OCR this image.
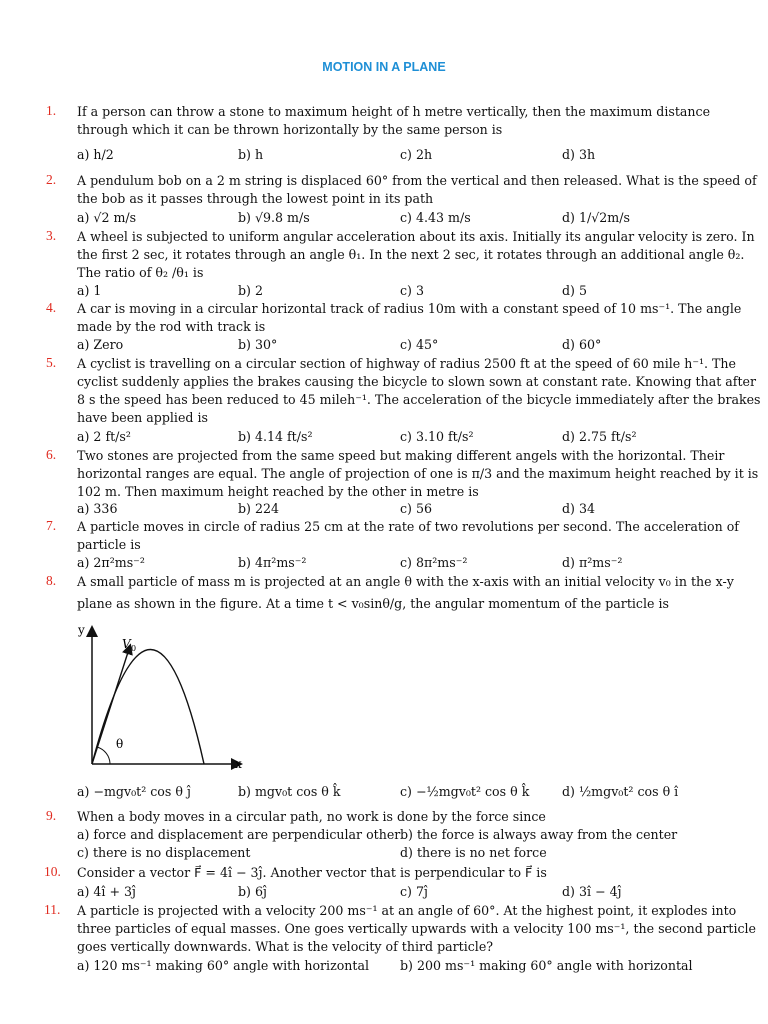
MOTION IN A PLANE
1. If a person can throw a stone to maximum height of h metre vertically, then the maximum distance
through which it can be thrown horizontally by the same person is
a) h/2	b) h	c) 2h	d) 3h
2. A pendulum bob on a 2 m string is displaced 60° from the vertical and then released. What is the speed of
the bob as it passes through the lowest point in its path
a) √2 m/s	b) √9.8 m/s	c) 4.43 m/s	d) 1/√2m/s
3. A wheel is subjected to uniform angular acceleration about its axis. Initially its angular velocity is zero. In
the first 2 sec, it rotates through an angle θ₁. In the next 2 sec, it rotates through an additional angle θ₂.
The ratio of θ₂ /θ₁ is
a) 1	b) 2	c) 3	d) 5
4. A car is moving in a circular horizontal track of radius 10m with a constant speed of 10 ms⁻¹. The angle
made by the rod with track is
a) Zero	b) 30°	c) 45°	d) 60°
5. A cyclist is travelling on a circular section of highway of radius 2500 ft at the speed of 60 mile h⁻¹. The
cyclist suddenly applies the brakes causing the bicycle to slown sown at constant rate. Knowing that after
8 s the speed has been reduced to 45 mileh⁻¹. The acceleration of the bicycle immediately after the brakes
have been applied is
a) 2 ft/s²	b) 4.14 ft/s²	c) 3.10 ft/s²	d) 2.75 ft/s²
6. Two stones are projected from the same speed but making different angels with the horizontal. Their
horizontal ranges are equal. The angle of projection of one is π/3 and the maximum height reached by it is
102 m. Then maximum height reached by the other in metre is
a) 336	b) 224	c) 56	d) 34
7. A particle moves in circle of radius 25 cm at the rate of two revolutions per second. The acceleration of
particle is
a) 2π²ms⁻²	b) 4π²ms⁻²	c) 8π²ms⁻²	d) π²ms⁻²
8. A small particle of mass m is projected at an angle θ with the x-axis with an initial velocity v₀ in the x-y
plane as shown in the figure. At a time t < v₀sinθ/g, the angular momentum of the particle is
y
x
V 0
θ
a) −mgv₀t² cos θ ĵ	b) mgv₀t cos θ k̂	c) −½mgv₀t² cos θ k̂	d) ½mgv₀t² cos θ î
9. When a body moves in a circular path, no work is done by the force since
a) force and displacement are perpendicular other b) the force is always away from the center
c) there is no displacement	d) there is no net force
10. Consider a vector F⃗ = 4î − 3ĵ. Another vector that is perpendicular to F⃗ is
a) 4î + 3ĵ	b) 6ĵ	c) 7ĵ	d) 3î − 4ĵ
11. A particle is projected with a velocity 200 ms⁻¹ at an angle of 60°. At the highest point, it explodes into
three particles of equal masses. One goes vertically upwards with a velocity 100 ms⁻¹, the second particle
goes vertically downwards. What is the velocity of third particle?
a) 120 ms⁻¹ making 60° angle with horizontal b) 200 ms⁻¹ making 60° angle with horizontal
